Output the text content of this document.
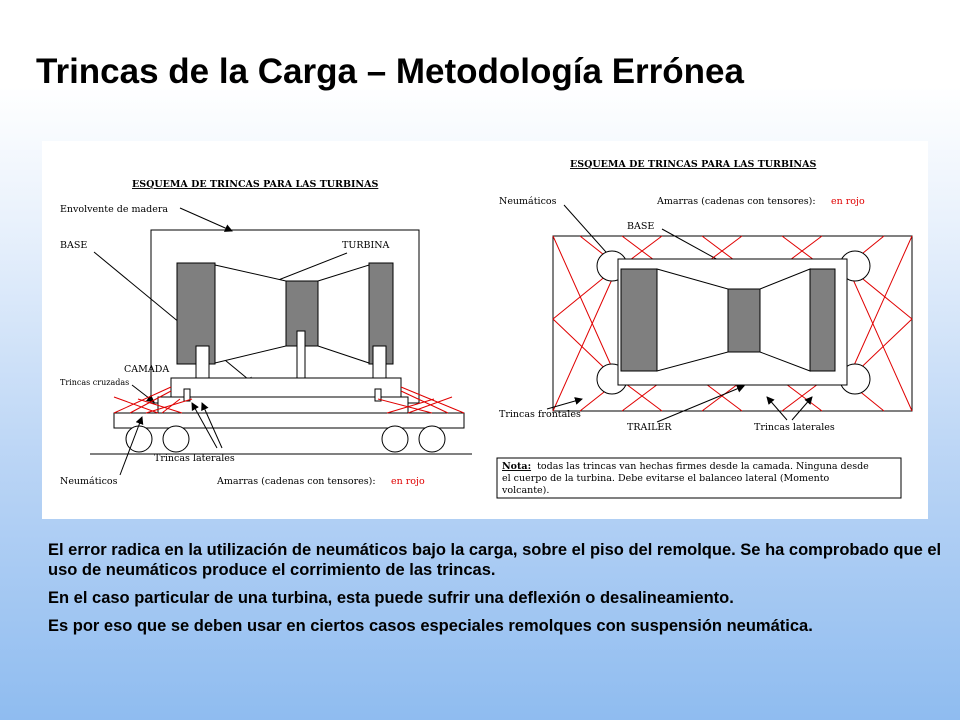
Trincas de la Carga – Metodología Errónea
ESQUEMA DE TRINCAS PARA LAS TURBINAS
Envolvente de madera
BASE	TURBINA
CAMADA
Trincas cruzadas
Trincas laterales
Neumáticos	Amarras (cadenas con tensores): en rojo
ESQUEMA DE TRINCAS PARA LAS TURBINAS
Neumáticos	Amarras (cadenas con tensores): en rojo
BASE
Trincas frontales
TRAILER	Trincas laterales
Nota: todas las trincas van hechas firmes desde la camada. Ninguna desde
el cuerpo de la turbina. Debe evitarse el balanceo lateral (Momento
volcante).

El error radica en la utilización de neumáticos bajo la carga, sobre el piso del remolque. Se ha comprobado que el uso de neumáticos produce el corrimiento de las trincas.

En el caso particular de una turbina, esta puede sufrir una deflexión o desalineamiento.

Es por eso que se deben usar en ciertos casos especiales remolques con suspensión neumática.
